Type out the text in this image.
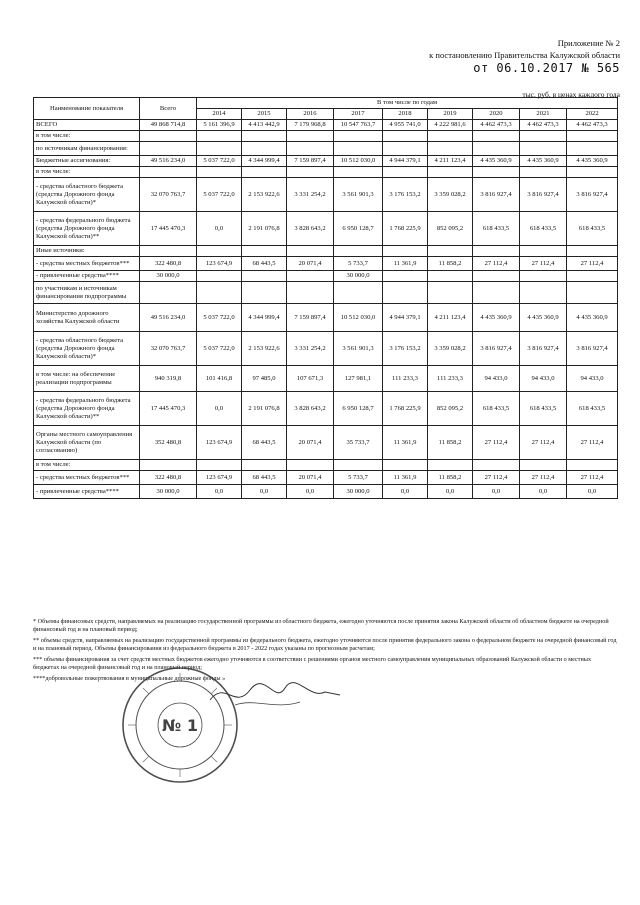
Приложение № 2
к постановлению Правительства Калужской области
от 06.10.2017 № 565
тыс. руб. в ценах каждого года
Наименование показателя	Всего	В том числе по годам								
		2014	2015	2016	2017	2018	2019	2020	2021	2022
ВСЕГО	49 868 714,8	5 161 396,9	4 413 442,9	7 179 968,8	10 547 763,7	4 955 741,0	4 222 981,6	4 462 473,3	4 462 473,3	4 462 473,3
в том числе:										
по источникам финансирования:										
Бюджетные ассигнования:	49 516 234,0	5 037 722,0	4 344 999,4	7 159 897,4	10 512 030,0	4 944 379,1	4 211 123,4	4 435 360,9	4 435 360,9	4 435 360,9
в том числе:										
- средства областного бюджета (средства Дорожного фонда Калужской области)*	32 070 763,7	5 037 722,0	2 153 922,6	3 331 254,2	3 561 901,3	3 176 153,2	3 359 028,2	3 816 927,4	3 816 927,4	3 816 927,4
- средства федерального бюджета (средства Дорожного фонда Калужской области)**	17 445 470,3	0,0	2 191 076,8	3 828 643,2	6 950 128,7	1 768 225,9	852 095,2	618 433,5	618 433,5	618 433,5
Иные источники:										
- средства местных бюджетов***	322 480,8	123 674,9	68 443,5	20 071,4	5 733,7	11 361,9	11 858,2	27 112,4	27 112,4	27 112,4
- привлеченные средства****	30 000,0				30 000,0					
по участникам и источникам финансирования подпрограммы										
Министерство дорожного хозяйства Калужской области	49 516 234,0	5 037 722,0	4 344 999,4	7 159 897,4	10 512 030,0	4 944 379,1	4 211 123,4	4 435 360,9	4 435 360,9	4 435 360,9
- средства областного бюджета (средства Дорожного фонда Калужской области)*	32 070 763,7	5 037 722,0	2 153 922,6	3 331 254,2	3 561 901,3	3 176 153,2	3 359 028,2	3 816 927,4	3 816 927,4	3 816 927,4
в том числе: на обеспечение реализации подпрограммы	940 319,8	101 416,8	97 485,0	107 671,3	127 981,1	111 233,3	111 233,3	94 433,0	94 433,0	94 433,0
- средства федерального бюджета (средства Дорожного фонда Калужской области)**	17 445 470,3	0,0	2 191 076,8	3 828 643,2	6 950 128,7	1 768 225,9	852 095,2	618 433,5	618 433,5	618 433,5
Органы местного самоуправления Калужской области (по согласованию)	352 480,8	123 674,9	68 443,5	20 071,4	35 733,7	11 361,9	11 858,2	27 112,4	27 112,4	27 112,4
в том числе:										
- средства местных бюджетов***	322 480,8	123 674,9	68 443,5	20 071,4	5 733,7	11 361,9	11 858,2	27 112,4	27 112,4	27 112,4
- привлеченные средства****	30 000,0	0,0	0,0	0,0	30 000,0	0,0	0,0	0,0	0,0	0,0

* Объемы финансовых средств, направляемых на реализацию государственной программы из областного бюджета, ежегодно уточняются после принятия закона Калужской области об областном бюджете на очередной финансовый год и на плановый период;

** объемы средств, направляемых на реализацию государственной программы из федерального бюджета, ежегодно уточняются после принятия федерального закона о федеральном бюджете на очередной финансовый год и на плановый период. Объемы финансирования из федерального бюджета в 2017 - 2022 годах указаны по прогнозным расчетам;

*** объемы финансирования за счет средств местных бюджетов ежегодно уточняются в соответствии с решениями органов местного самоуправления муниципальных образований Калужской области о местных бюджетах на очередной финансовый год и на плановый период;

****добровольные пожертвования в муниципальные дорожные фонды »

№ 1
